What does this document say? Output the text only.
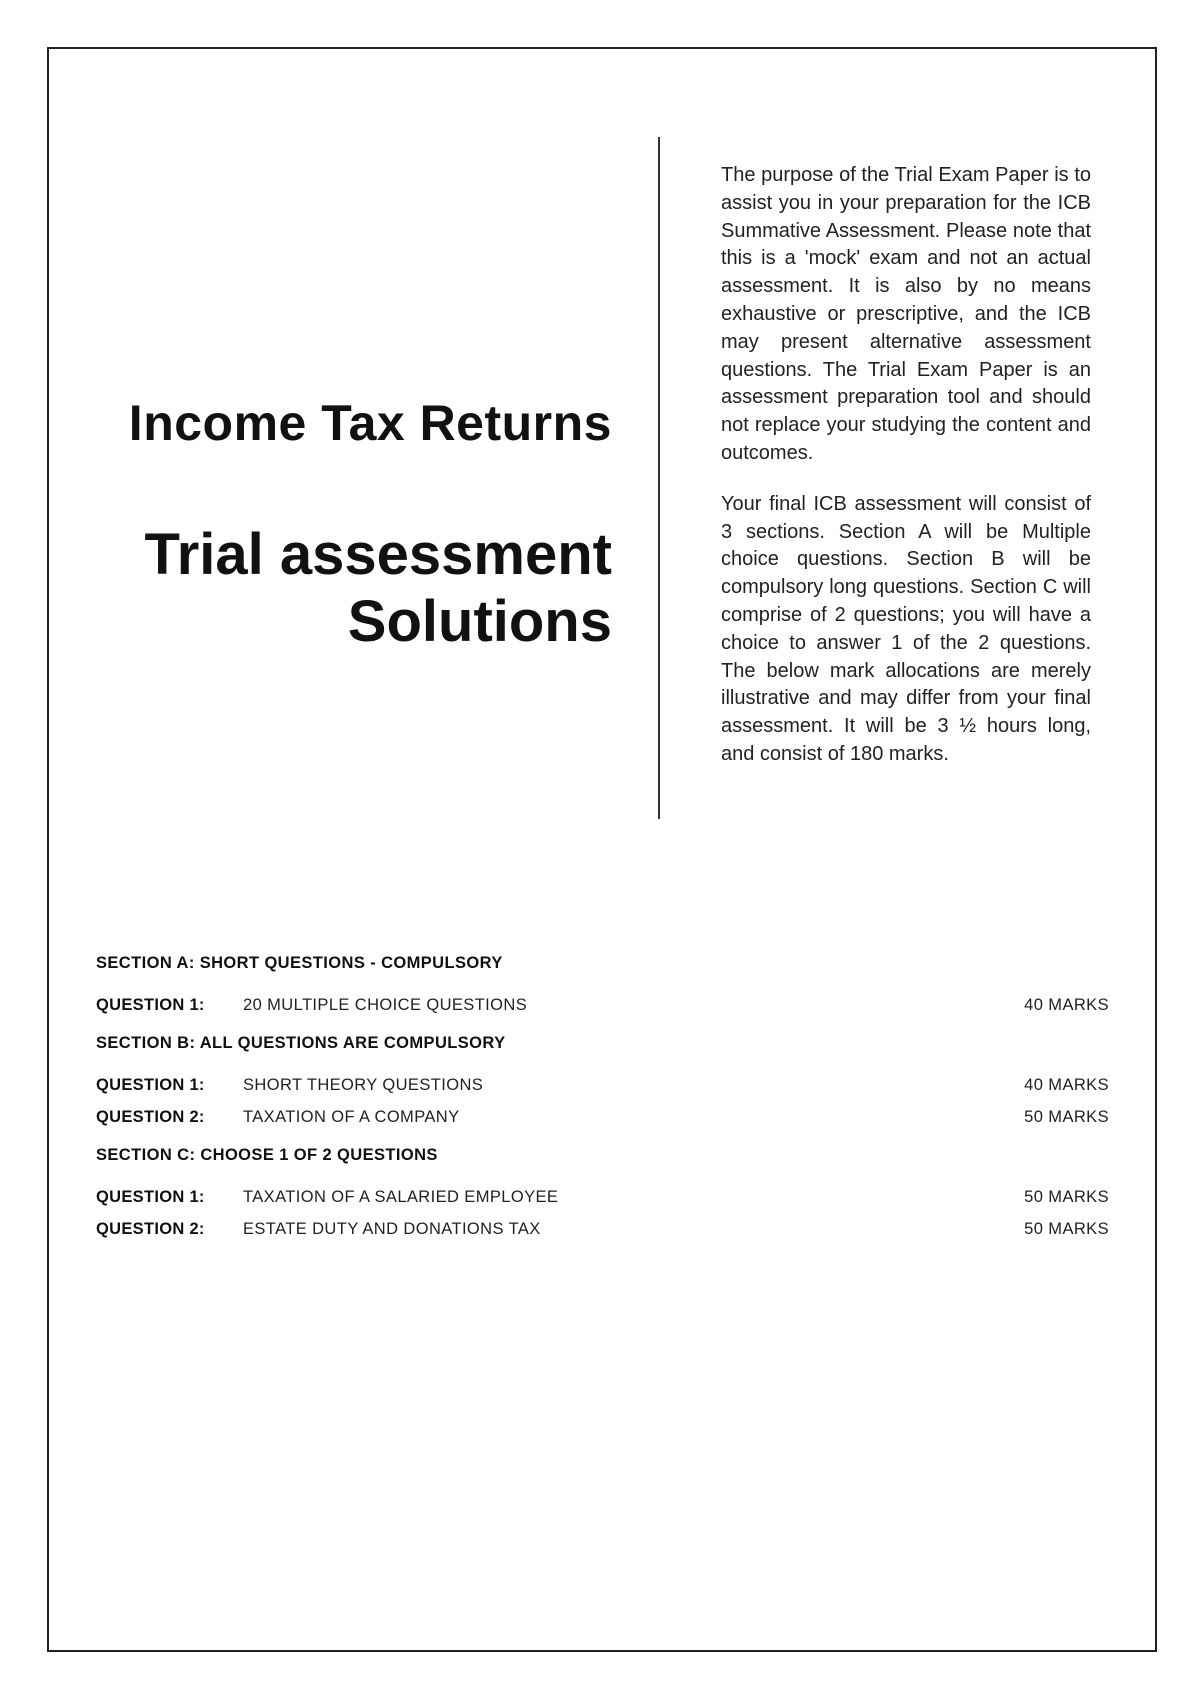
Income Tax Returns
Trial assessment
Solutions

The purpose of the Trial Exam Paper is to assist you in your preparation for the ICB Summative Assessment. Please note that this is a 'mock' exam and not an actual assessment. It is also by no means exhaustive or prescriptive, and the ICB may present alternative assessment questions. The Trial Exam Paper is an assessment preparation tool and should not replace your studying the content and outcomes.

Your final ICB assessment will consist of 3 sections. Section A will be Multiple choice questions. Section B will be compulsory long questions. Section C will comprise of 2 questions; you will have a choice to answer 1 of the 2 questions. The below mark allocations are merely illustrative and may differ from your final assessment. It will be 3 ½ hours long, and consist of 180 marks.

SECTION A: SHORT QUESTIONS - COMPULSORY
QUESTION 1: 20 MULTIPLE CHOICE QUESTIONS	40 MARKS
SECTION B: ALL QUESTIONS ARE COMPULSORY
QUESTION 1: SHORT THEORY QUESTIONS	40 MARKS
QUESTION 2: TAXATION OF A COMPANY	50 MARKS
SECTION C: CHOOSE 1 OF 2 QUESTIONS
QUESTION 1: TAXATION OF A SALARIED EMPLOYEE	50 MARKS
QUESTION 2: ESTATE DUTY AND DONATIONS TAX	50 MARKS
